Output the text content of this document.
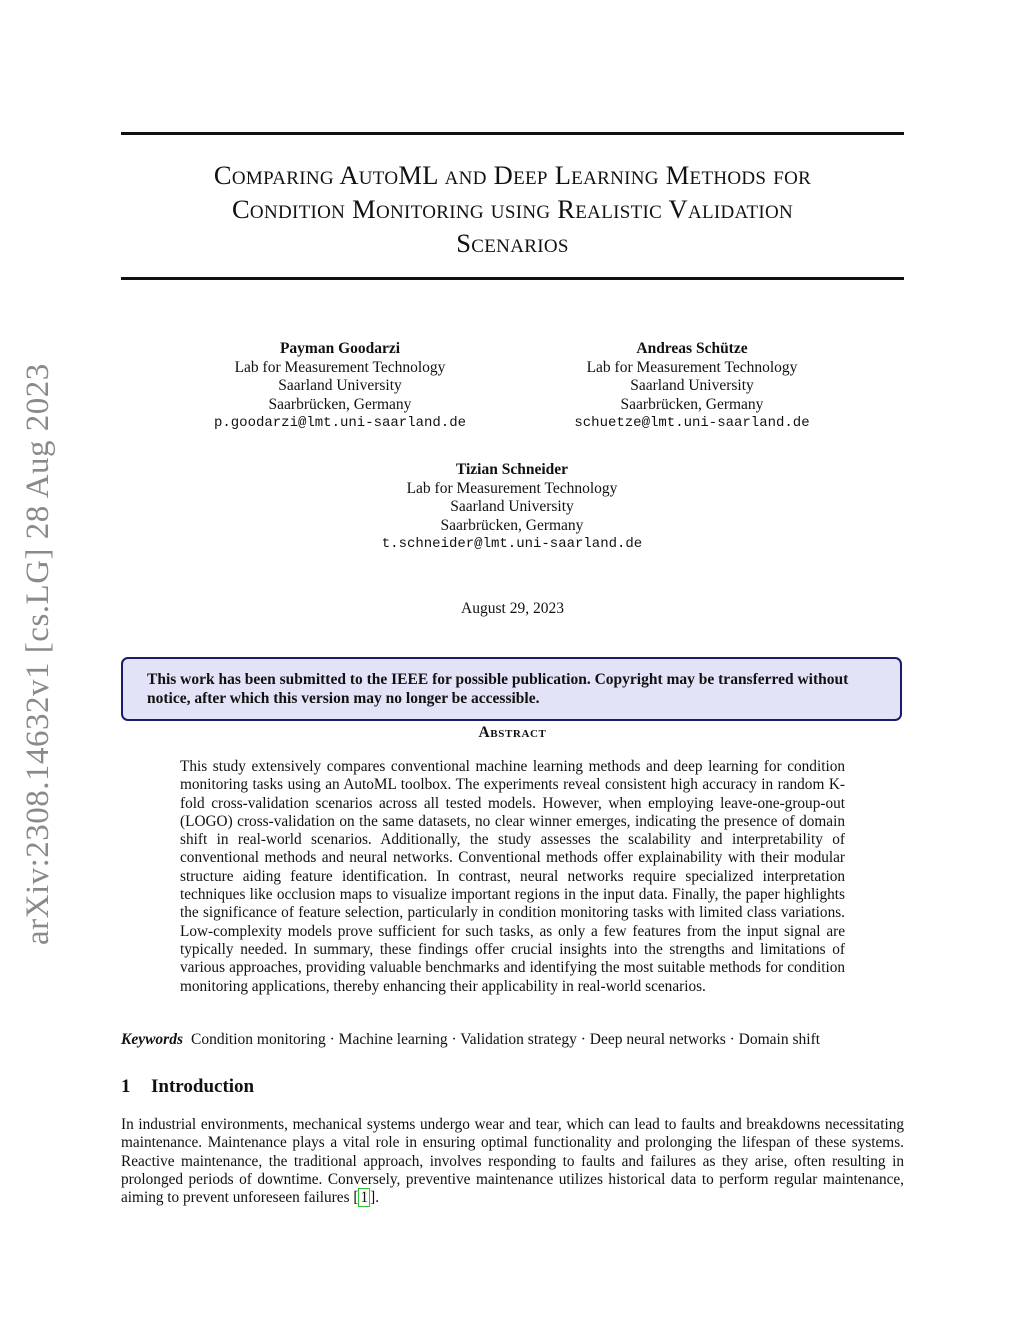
arXiv:2308.14632v1 [cs.LG] 28 Aug 2023
Comparing AutoML and Deep Learning Methods for
Condition Monitoring using Realistic Validation
Scenarios
Payman Goodarzi
Lab for Measurement Technology
Saarland University
Saarbrücken, Germany
p.goodarzi@lmt.uni-saarland.de
Andreas Schütze
Lab for Measurement Technology
Saarland University
Saarbrücken, Germany
schuetze@lmt.uni-saarland.de
Tizian Schneider
Lab for Measurement Technology
Saarland University
Saarbrücken, Germany
t.schneider@lmt.uni-saarland.de
August 29, 2023
This work has been submitted to the IEEE for possible publication. Copyright may be transferred without notice, after which this version may no longer be accessible.
Abstract
This study extensively compares conventional machine learning methods and deep learning for condition monitoring tasks using an AutoML toolbox. The experiments reveal consistent high accuracy in random K-fold cross-validation scenarios across all tested models. However, when employing leave-one-group-out (LOGO) cross-validation on the same datasets, no clear winner emerges, indicating the presence of domain shift in real-world scenarios. Additionally, the study assesses the scalability and interpretability of conventional methods and neural networks. Conventional methods offer explainability with their modular structure aiding feature identification. In contrast, neural networks require specialized interpretation techniques like occlusion maps to visualize important regions in the input data. Finally, the paper highlights the significance of feature selection, particularly in condition monitoring tasks with limited class variations. Low-complexity models prove sufficient for such tasks, as only a few features from the input signal are typically needed. In summary, these findings offer crucial insights into the strengths and limitations of various approaches, providing valuable benchmarks and identifying the most suitable methods for condition monitoring applications, thereby enhancing their applicability in real-world scenarios.
Keywords Condition monitoring · Machine learning · Validation strategy · Deep neural networks · Domain shift
1 Introduction
In industrial environments, mechanical systems undergo wear and tear, which can lead to faults and breakdowns necessitating maintenance. Maintenance plays a vital role in ensuring optimal functionality and prolonging the lifespan of these systems. Reactive maintenance, the traditional approach, involves responding to faults and failures as they arise, often resulting in prolonged periods of downtime. Conversely, preventive maintenance utilizes historical data to perform regular maintenance, aiming to prevent unforeseen failures [ 1 ].
